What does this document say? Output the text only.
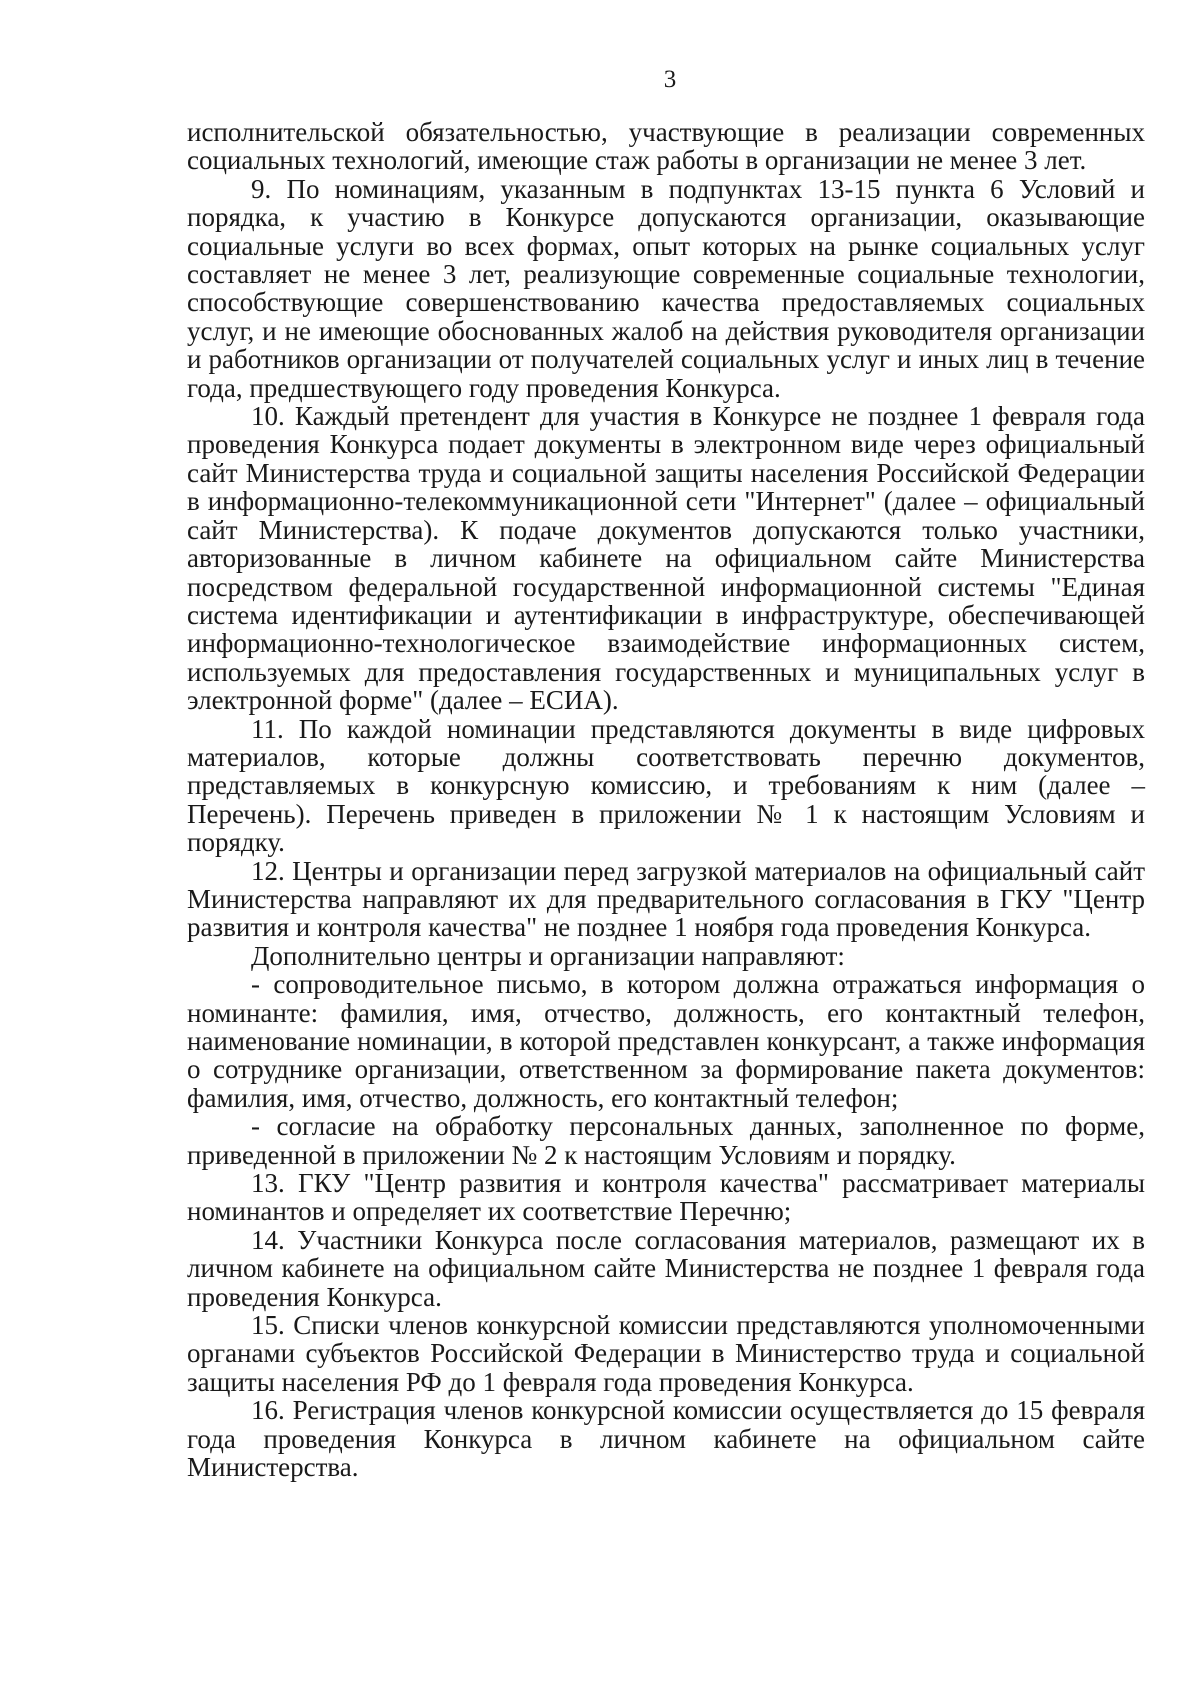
3

исполнительской обязательностью, участвующие в реализации современных социальных технологий, имеющие стаж работы в организации не менее 3 лет.

9. По номинациям, указанным в подпунктах 13-15 пункта 6 Условий и порядка, к участию в Конкурсе допускаются организации, оказывающие социальные услуги во всех формах, опыт которых на рынке социальных услуг составляет не менее 3 лет, реализующие современные социальные технологии, способствующие совершенствованию качества предоставляемых социальных услуг, и не имеющие обоснованных жалоб на действия руководителя организации и работников организации от получателей социальных услуг и иных лиц в течение года, предшествующего году проведения Конкурса.

10. Каждый претендент для участия в Конкурсе не позднее 1 февраля года проведения Конкурса подает документы в электронном виде через официальный сайт Министерства труда и социальной защиты населения Российской Федерации в информационно-телекоммуникационной сети "Интернет" (далее – официальный сайт Министерства). К подаче документов допускаются только участники, авторизованные в личном кабинете на официальном сайте Министерства посредством федеральной государственной информационной системы "Единая система идентификации и аутентификации в инфраструктуре, обеспечивающей информационно-технологическое взаимодействие информационных систем, используемых для предоставления государственных и муниципальных услуг в электронной форме" (далее – ЕСИА).

11. По каждой номинации представляются документы в виде цифровых материалов, которые должны соответствовать перечню документов, представляемых в конкурсную комиссию, и требованиям к ним (далее – Перечень). Перечень приведен в приложении № 1 к настоящим Условиям и порядку.

12. Центры и организации перед загрузкой материалов на официальный сайт Министерства направляют их для предварительного согласования в ГКУ "Центр развития и контроля качества" не позднее 1 ноября года проведения Конкурса.

Дополнительно центры и организации направляют:

- сопроводительное письмо, в котором должна отражаться информация о номинанте: фамилия, имя, отчество, должность, его контактный телефон, наименование номинации, в которой представлен конкурсант, а также информация о сотруднике организации, ответственном за формирование пакета документов: фамилия, имя, отчество, должность, его контактный телефон;

- согласие на обработку персональных данных, заполненное по форме, приведенной в приложении № 2 к настоящим Условиям и порядку.

13. ГКУ "Центр развития и контроля качества" рассматривает материалы номинантов и определяет их соответствие Перечню;

14. Участники Конкурса после согласования материалов, размещают их в личном кабинете на официальном сайте Министерства не позднее 1 февраля года проведения Конкурса.

15. Списки членов конкурсной комиссии представляются уполномоченными органами субъектов Российской Федерации в Министерство труда и социальной защиты населения РФ до 1 февраля года проведения Конкурса.

16. Регистрация членов конкурсной комиссии осуществляется до 15 февраля года проведения Конкурса в личном кабинете на официальном сайте Министерства.
